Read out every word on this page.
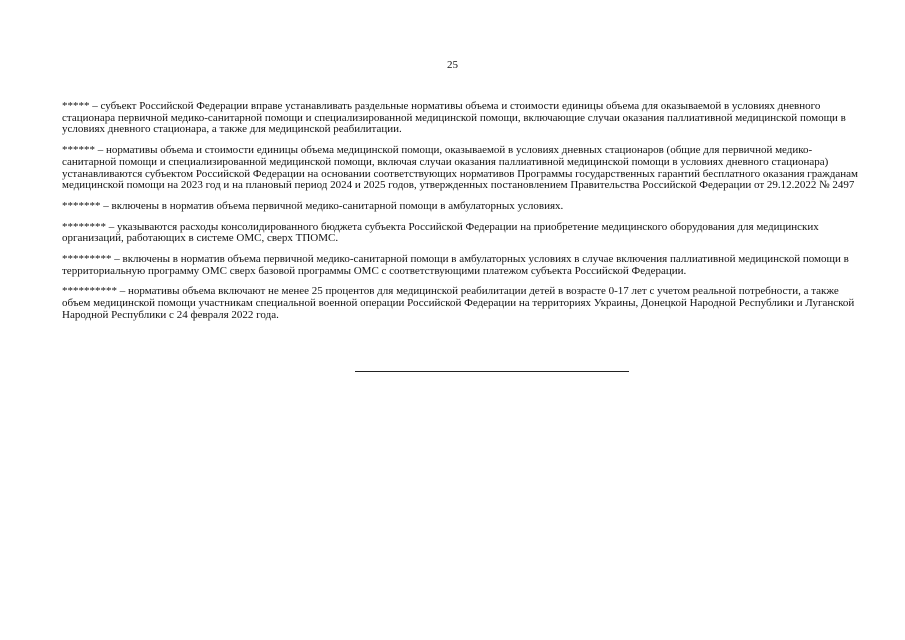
25

***** – субъект Российской Федерации вправе устанавливать раздельные нормативы объема и стоимости единицы объема для оказываемой в условиях дневного стационара первичной медико-санитарной помощи и специализированной медицинской помощи, включающие случаи оказания паллиативной медицинской помощи в условиях дневного стационара, а также для медицинской реабилитации.

****** – нормативы объема и стоимости единицы объема медицинской помощи, оказываемой в условиях дневных стационаров (общие для первичной медико-санитарной помощи и специализированной медицинской помощи, включая случаи оказания паллиативной медицинской помощи в условиях дневного стационара) устанавливаются субъектом Российской Федерации на основании соответствующих нормативов Программы государственных гарантий бесплатного оказания гражданам медицинской помощи на 2023 год и на плановый период 2024 и 2025 годов, утвержденных постановлением Правительства Российской Федерации от 29.12.2022 № 2497

******* – включены в норматив объема первичной медико-санитарной помощи в амбулаторных условиях.

******** – указываются расходы консолидированного бюджета субъекта Российской Федерации на приобретение медицинского оборудования для медицинских организаций, работающих в системе ОМС, сверх ТПОМС.

********* – включены в норматив объема первичной медико-санитарной помощи в амбулаторных условиях в случае включения паллиативной медицинской помощи в территориальную программу ОМС сверх базовой программы ОМС с соответствующими платежом субъекта Российской Федерации.

********** – нормативы объема включают не менее 25 процентов для медицинской реабилитации детей в возрасте 0-17 лет с учетом реальной потребности, а также объем медицинской помощи участникам специальной военной операции Российской Федерации на территориях Украины, Донецкой Народной Республики и Луганской Народной Республики с 24 февраля 2022 года.
